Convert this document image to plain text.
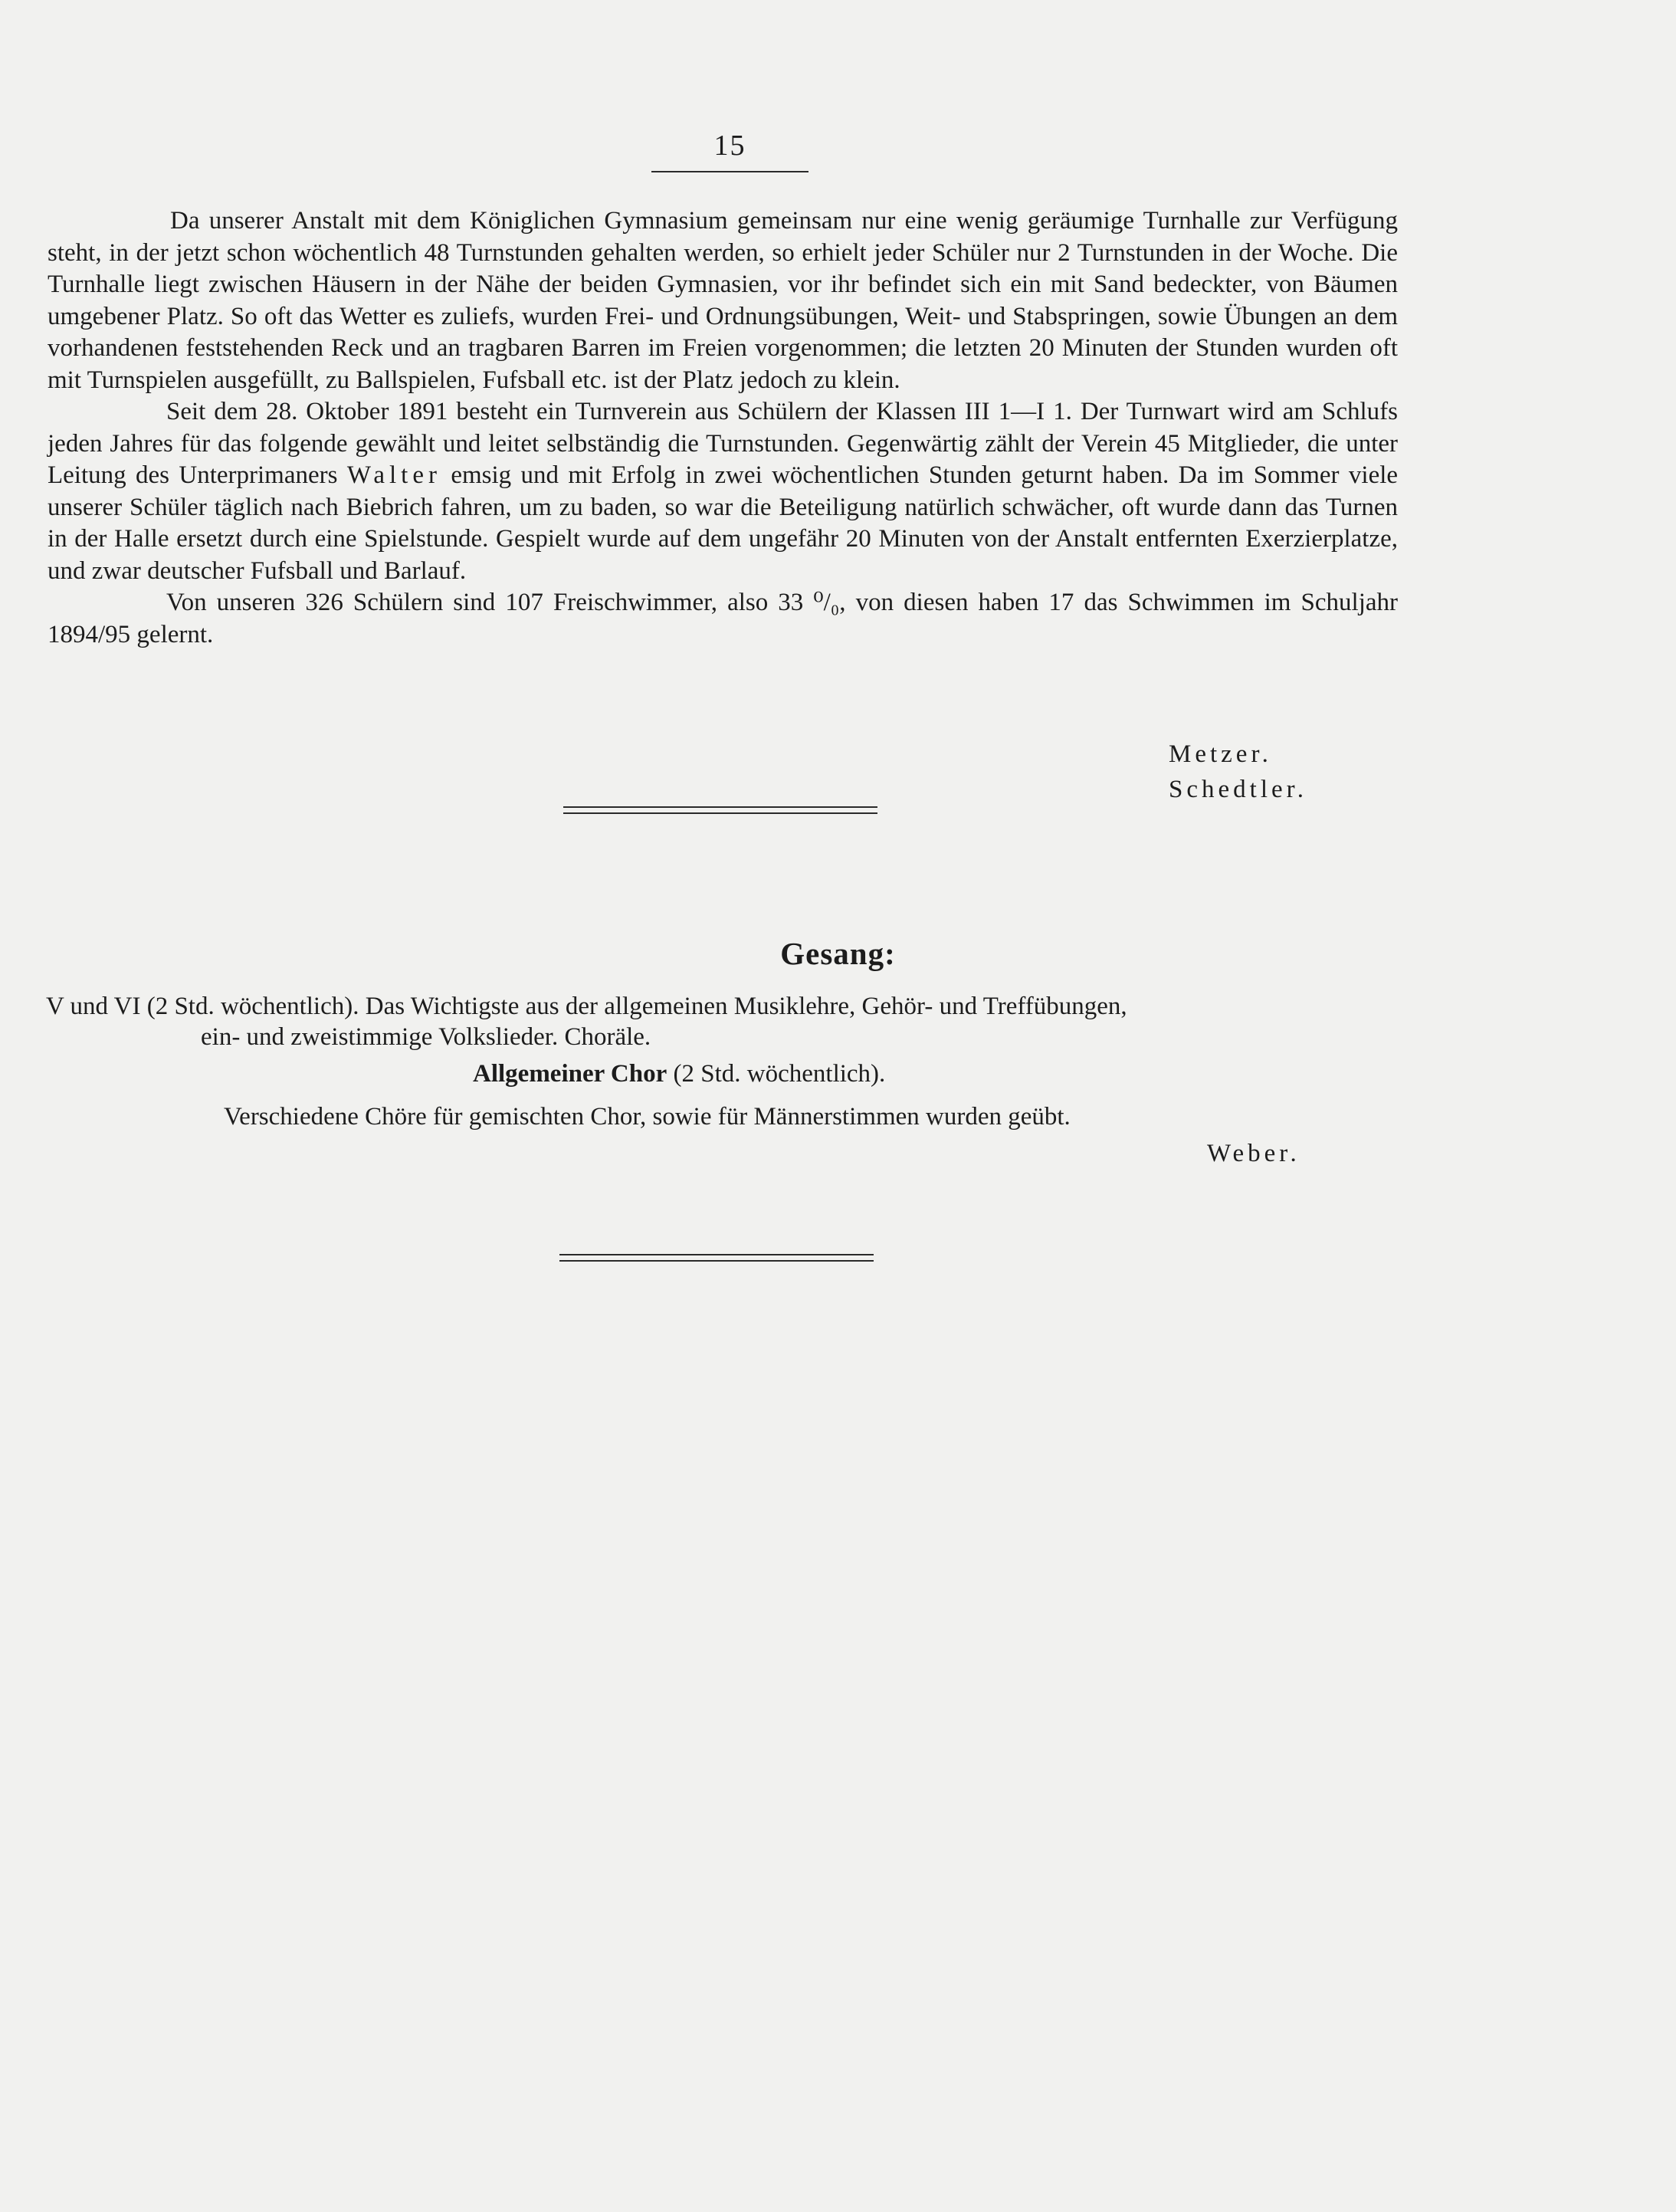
15

Da unserer Anstalt mit dem Königlichen Gymnasium gemeinsam nur eine wenig geräumige Turnhalle zur Verfügung steht, in der jetzt schon wöchentlich 48 Turnstunden gehalten werden, so erhielt jeder Schüler nur 2 Turnstunden in der Woche. Die Turnhalle liegt zwischen Häusern in der Nähe der beiden Gymnasien, vor ihr befindet sich ein mit Sand bedeckter, von Bäumen umgebener Platz. So oft das Wetter es zuliefs, wurden Frei- und Ordnungsübungen, Weit- und Stabspringen, sowie Übungen an dem vorhandenen feststehenden Reck und an tragbaren Barren im Freien vorgenommen; die letzten 20 Minuten der Stunden wurden oft mit Turnspielen ausgefüllt, zu Ballspielen, Fufsball etc. ist der Platz jedoch zu klein.

Seit dem 28. Oktober 1891 besteht ein Turnverein aus Schülern der Klassen III 1—I 1. Der Turnwart wird am Schlufs jeden Jahres für das folgende gewählt und leitet selbständig die Turnstunden. Gegenwärtig zählt der Verein 45 Mitglieder, die unter Leitung des Unterprimaners Walter emsig und mit Erfolg in zwei wöchentlichen Stunden geturnt haben. Da im Sommer viele unserer Schüler täglich nach Biebrich fahren, um zu baden, so war die Beteiligung natürlich schwächer, oft wurde dann das Turnen in der Halle ersetzt durch eine Spielstunde. Gespielt wurde auf dem ungefähr 20 Minuten von der Anstalt entfernten Exerzierplatze, und zwar deutscher Fufsball und Barlauf.

Von unseren 326 Schülern sind 107 Freischwimmer, also 33 ⁰/₀, von diesen haben 17 das Schwimmen im Schuljahr 1894/95 gelernt.

Metzer.
Schedtler.
Gesang:
V und VI (2 Std. wöchentlich). Das Wichtigste aus der allgemeinen Musiklehre, Gehör- und Treffübungen,
ein- und zweistimmige Volkslieder. Choräle.
Allgemeiner Chor (2 Std. wöchentlich).
Verschiedene Chöre für gemischten Chor, sowie für Männerstimmen wurden geübt.
Weber.
